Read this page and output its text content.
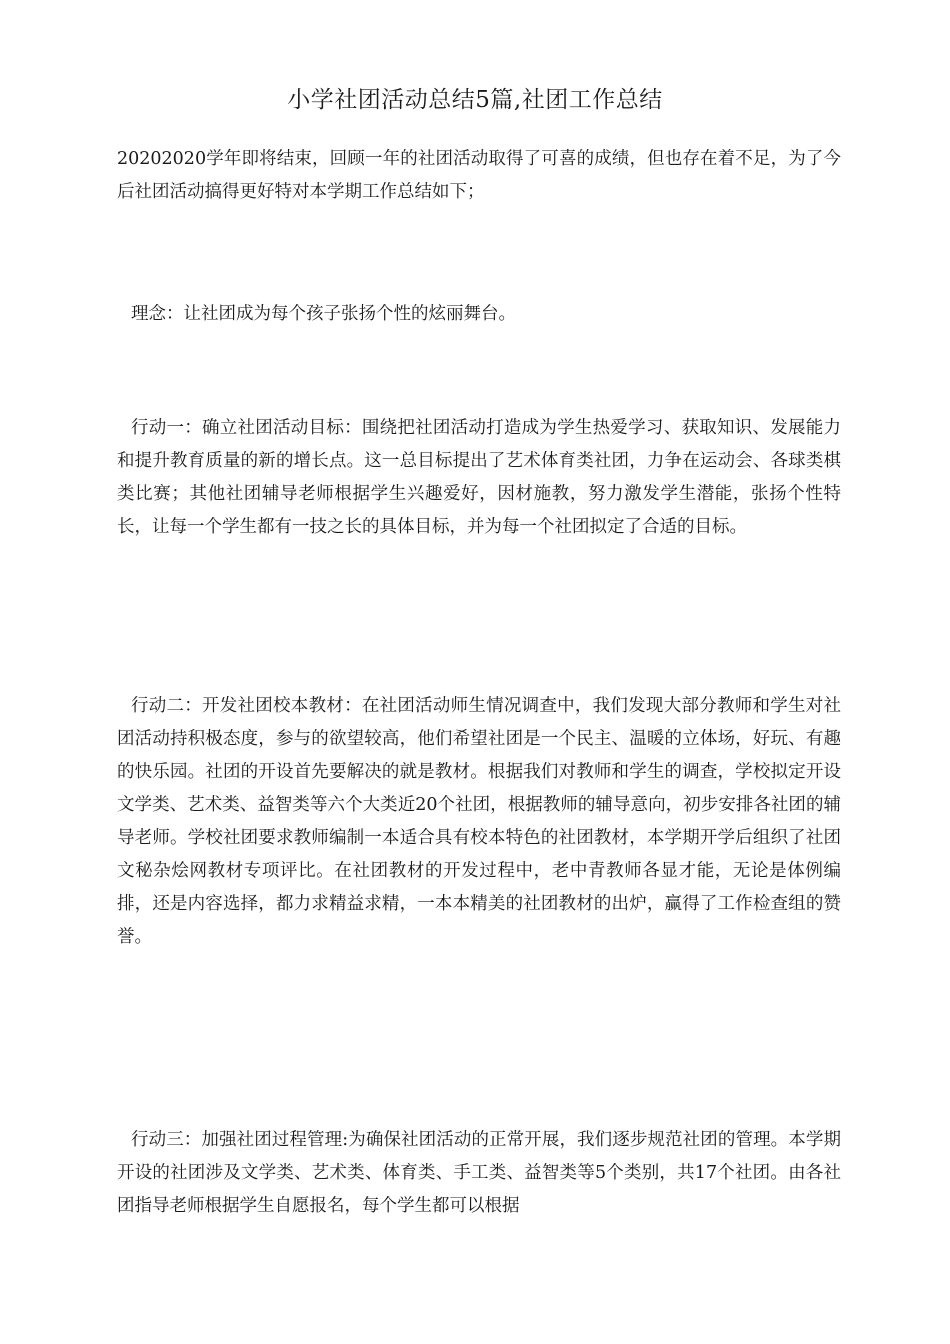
小学社团活动总结5篇,社团工作总结
20202020学年即将结束，回顾一年的社团活动取得了可喜的成绩，但也存在着不足，为了今后社团活动搞得更好特对本学期工作总结如下；
理念：让社团成为每个孩子张扬个性的炫丽舞台。
行动一：确立社团活动目标：围绕把社团活动打造成为学生热爱学习、获取知识、发展能力和提升教育质量的新的增长点。这一总目标提出了艺术体育类社团，力争在运动会、各球类棋类比赛；其他社团辅导老师根据学生兴趣爱好，因材施教，努力激发学生潜能，张扬个性特长，让每一个学生都有一技之长的具体目标，并为每一个社团拟定了合适的目标。
行动二：开发社团校本教材：在社团活动师生情况调查中，我们发现大部分教师和学生对社团活动持积极态度，参与的欲望较高，他们希望社团是一个民主、温暖的立体场，好玩、有趣的快乐园。社团的开设首先要解决的就是教材。根据我们对教师和学生的调查，学校拟定开设文学类、艺术类、益智类等六个大类近20个社团，根据教师的辅导意向，初步安排各社团的辅导老师。学校社团要求教师编制一本适合具有校本特色的社团教材，本学期开学后组织了社团文秘杂烩网教材专项评比。在社团教材的开发过程中，老中青教师各显才能，无论是体例编排，还是内容选择，都力求精益求精，一本本精美的社团教材的出炉，赢得了工作检查组的赞誉。
行动三：加强社团过程管理:为确保社团活动的正常开展，我们逐步规范社团的管理。本学期开设的社团涉及文学类、艺术类、体育类、手工类、益智类等5个类别，共17个社团。由各社团指导老师根据学生自愿报名，每个学生都可以根据
